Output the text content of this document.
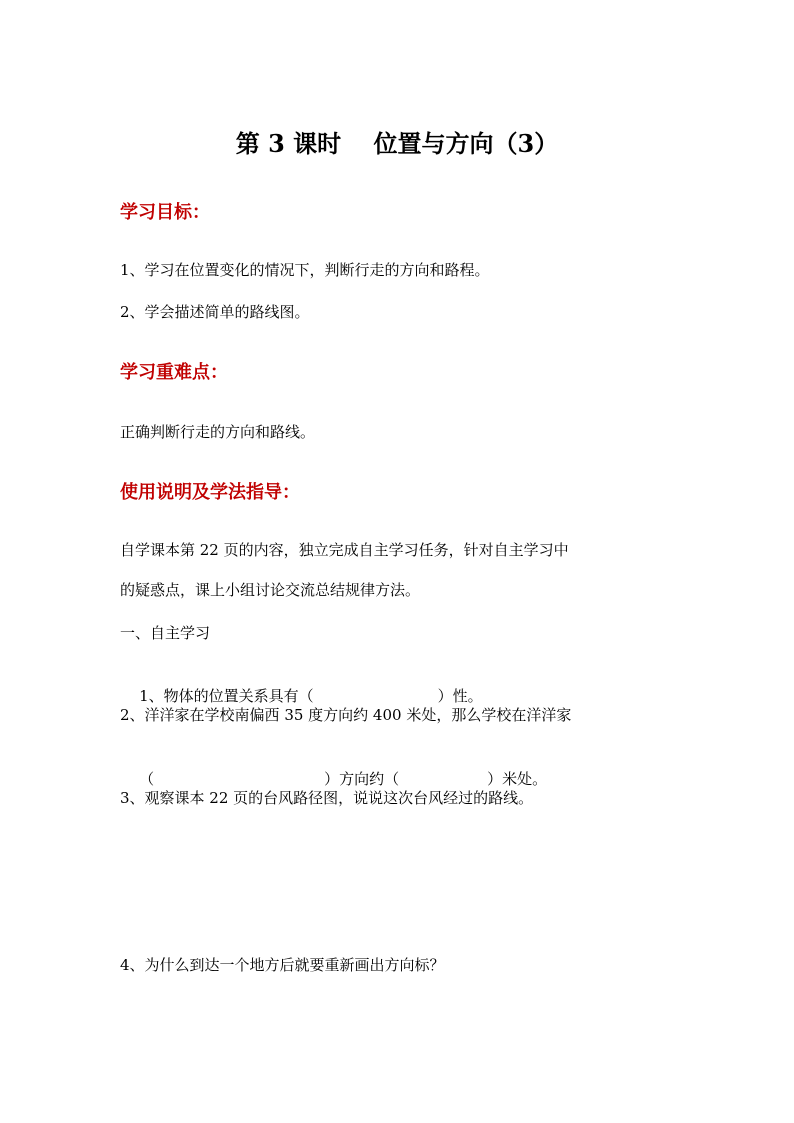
第 3 课时　 位置与方向（3）
学习目标：
1、学习在位置变化的情况下，判断行走的方向和路程。
2、学会描述简单的路线图。
学习重难点：
正确判断行走的方向和路线。
使用说明及学法指导：
自学课本第 22 页的内容，独立完成自主学习任务，针对自主学习中
的疑惑点，课上小组讨论交流总结规律方法。
一、自主学习

1、物体的位置关系具有（	）性。

2、洋洋家在学校南偏西 35 度方向约 400 米处，那么学校在洋洋家

（	）方向约（	）米处。

3、观察课本 22 页的台风路径图，说说这次台风经过的路线。
4、为什么到达一个地方后就要重新画出方向标？
